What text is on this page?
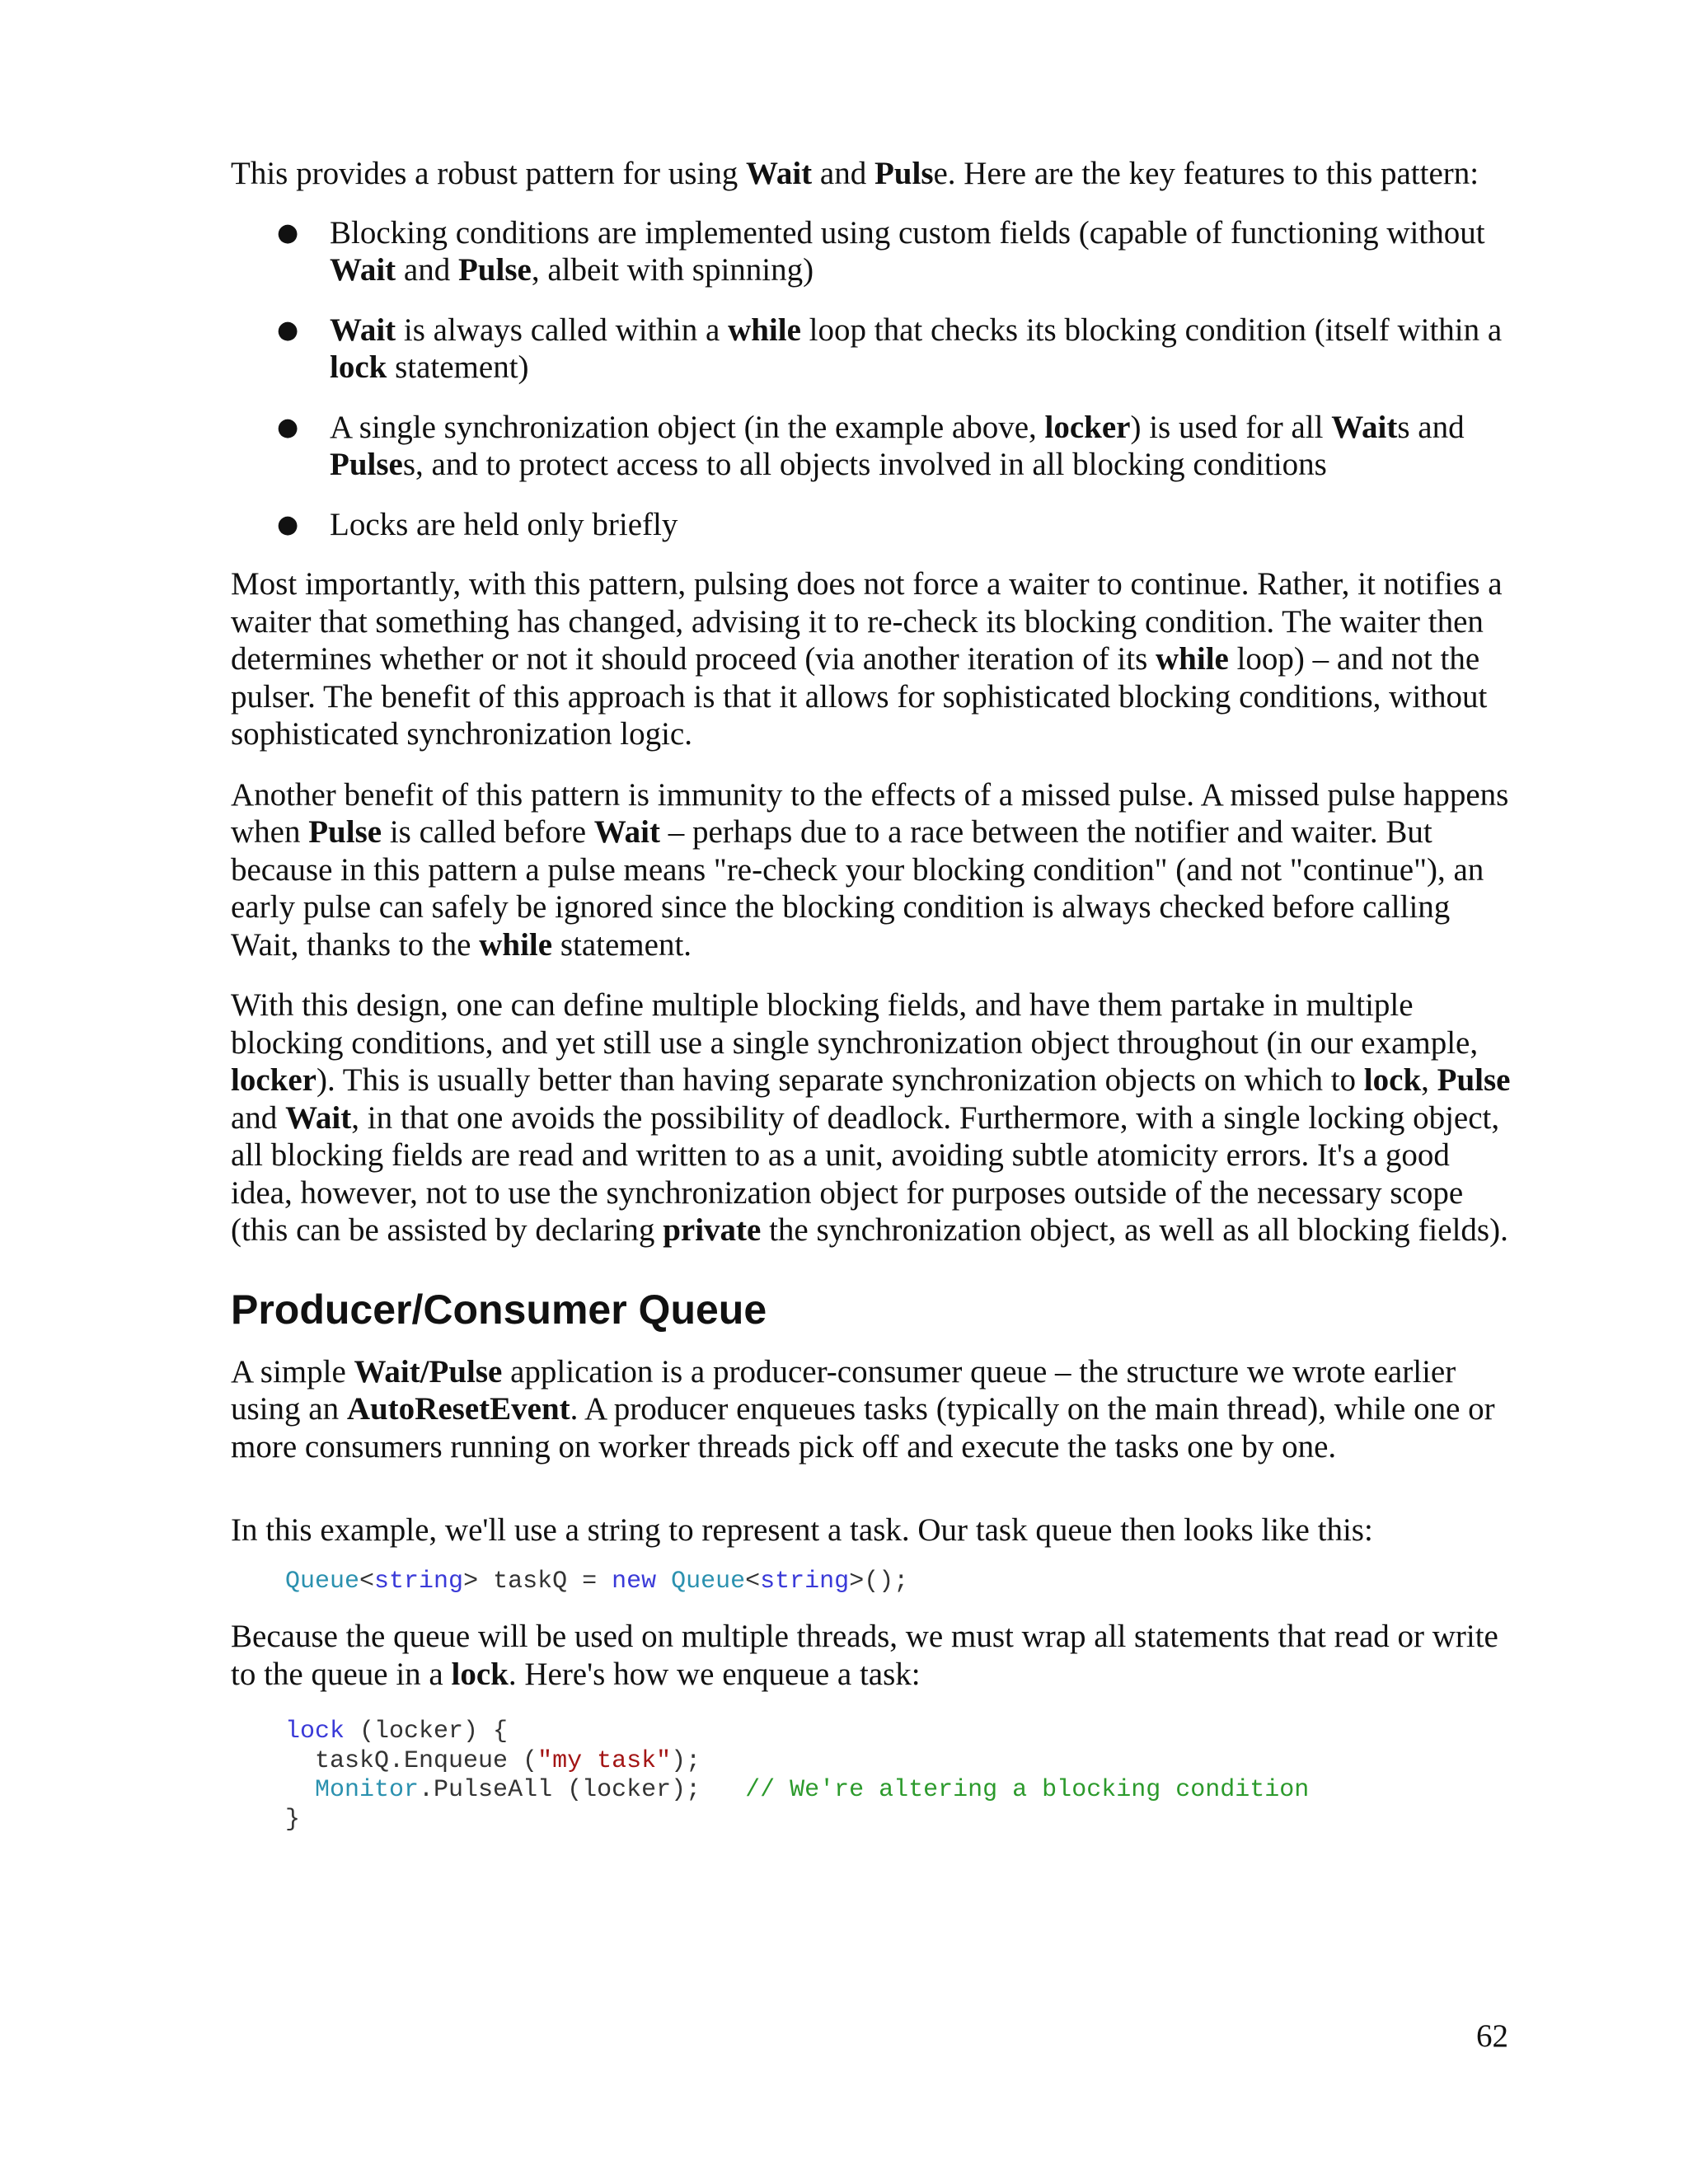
This provides a robust pattern for using Wait and Pulse. Here are the key features to this pattern:

● Blocking conditions are implemented using custom fields (capable of functioning without Wait and Pulse, albeit with spinning)
● Wait is always called within a while loop that checks its blocking condition (itself within a lock statement)
● A single synchronization object (in the example above, locker) is used for all Waits and Pulses, and to protect access to all objects involved in all blocking conditions
● Locks are held only briefly

Most importantly, with this pattern, pulsing does not force a waiter to continue. Rather, it notifies a waiter that something has changed, advising it to re-check its blocking condition. The waiter then determines whether or not it should proceed (via another iteration of its while loop) – and not the pulser. The benefit of this approach is that it allows for sophisticated blocking conditions, without sophisticated synchronization logic.

Another benefit of this pattern is immunity to the effects of a missed pulse. A missed pulse happens when Pulse is called before Wait – perhaps due to a race between the notifier and waiter. But because in this pattern a pulse means "re-check your blocking condition" (and not "continue"), an early pulse can safely be ignored since the blocking condition is always checked before calling Wait, thanks to the while statement.

With this design, one can define multiple blocking fields, and have them partake in multiple blocking conditions, and yet still use a single synchronization object throughout (in our example, locker). This is usually better than having separate synchronization objects on which to lock, Pulse and Wait, in that one avoids the possibility of deadlock. Furthermore, with a single locking object, all blocking fields are read and written to as a unit, avoiding subtle atomicity errors. It's a good idea, however, not to use the synchronization object for purposes outside of the necessary scope (this can be assisted by declaring private the synchronization object, as well as all blocking fields).

Producer/Consumer Queue

A simple Wait/Pulse application is a producer-consumer queue – the structure we wrote earlier using an AutoResetEvent. A producer enqueues tasks (typically on the main thread), while one or more consumers running on worker threads pick off and execute the tasks one by one.

In this example, we'll use a string to represent a task. Our task queue then looks like this:

Queue<string> taskQ = new Queue<string>();

Because the queue will be used on multiple threads, we must wrap all statements that read or write to the queue in a lock. Here's how we enqueue a task:

lock (locker) {
taskQ.Enqueue ("my task");
Monitor.PulseAll (locker);   // We're altering a blocking condition
}
62
